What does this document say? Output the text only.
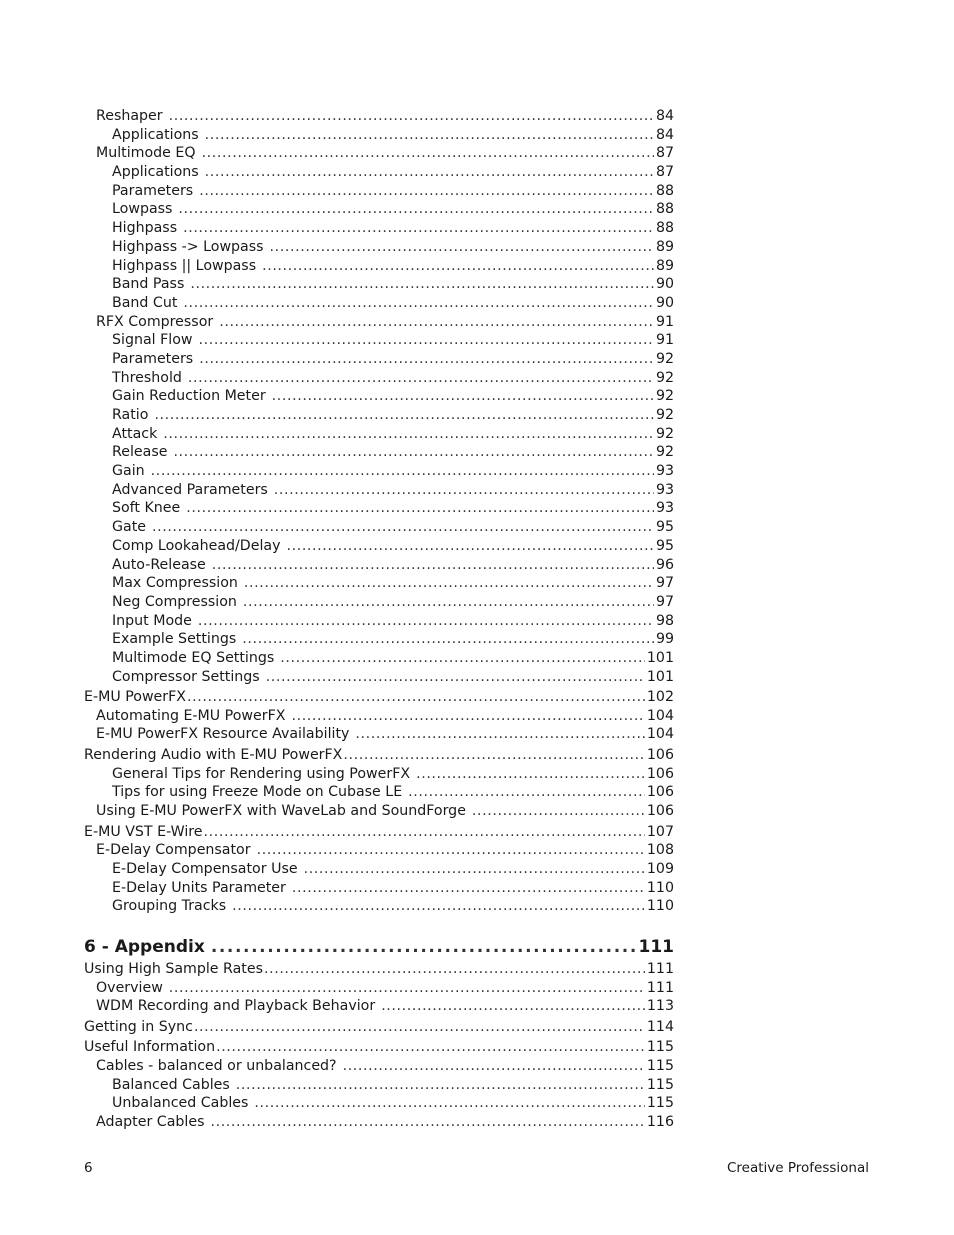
Reshaper .....	84
Applications .....	84
Multimode EQ .....	87
Applications .....	87
Parameters .....	88
Lowpass .....	88
Highpass .....	88
Highpass -> Lowpass .....	89
Highpass || Lowpass .....	89
Band Pass .....	90
Band Cut .....	90
RFX Compressor .....	91
Signal Flow .....	91
Parameters .....	92
Threshold .....	92
Gain Reduction Meter .....	92
Ratio .....	92
Attack .....	92
Release .....	92
Gain .....	93
Advanced Parameters .....	93
Soft Knee .....	93
Gate .....	95
Comp Lookahead/Delay .....	95
Auto-Release .....	96
Max Compression .....	97
Neg Compression .....	97
Input Mode .....	98
Example Settings .....	99
Multimode EQ Settings .....	101
Compressor Settings .....	101
E-MU PowerFX .....	102
Automating E-MU PowerFX .....	104
E-MU PowerFX Resource Availability .....	104
Rendering Audio with E-MU PowerFX .....	106
General Tips for Rendering using PowerFX .....	106
Tips for using Freeze Mode on Cubase LE .....	106
Using E-MU PowerFX with WaveLab and SoundForge .....	106
E-MU VST E-Wire .....	107
E-Delay Compensator .....	108
E-Delay Compensator Use .....	109
E-Delay Units Parameter .....	110
Grouping Tracks .....	110
6 - Appendix .....	111
Using High Sample Rates .....	111
Overview .....	111
WDM Recording and Playback Behavior .....	113
Getting in Sync .....	114
Useful Information .....	115
Cables - balanced or unbalanced? .....	115
Balanced Cables .....	115
Unbalanced Cables .....	115
Adapter Cables .....	116
6	Creative Professional
